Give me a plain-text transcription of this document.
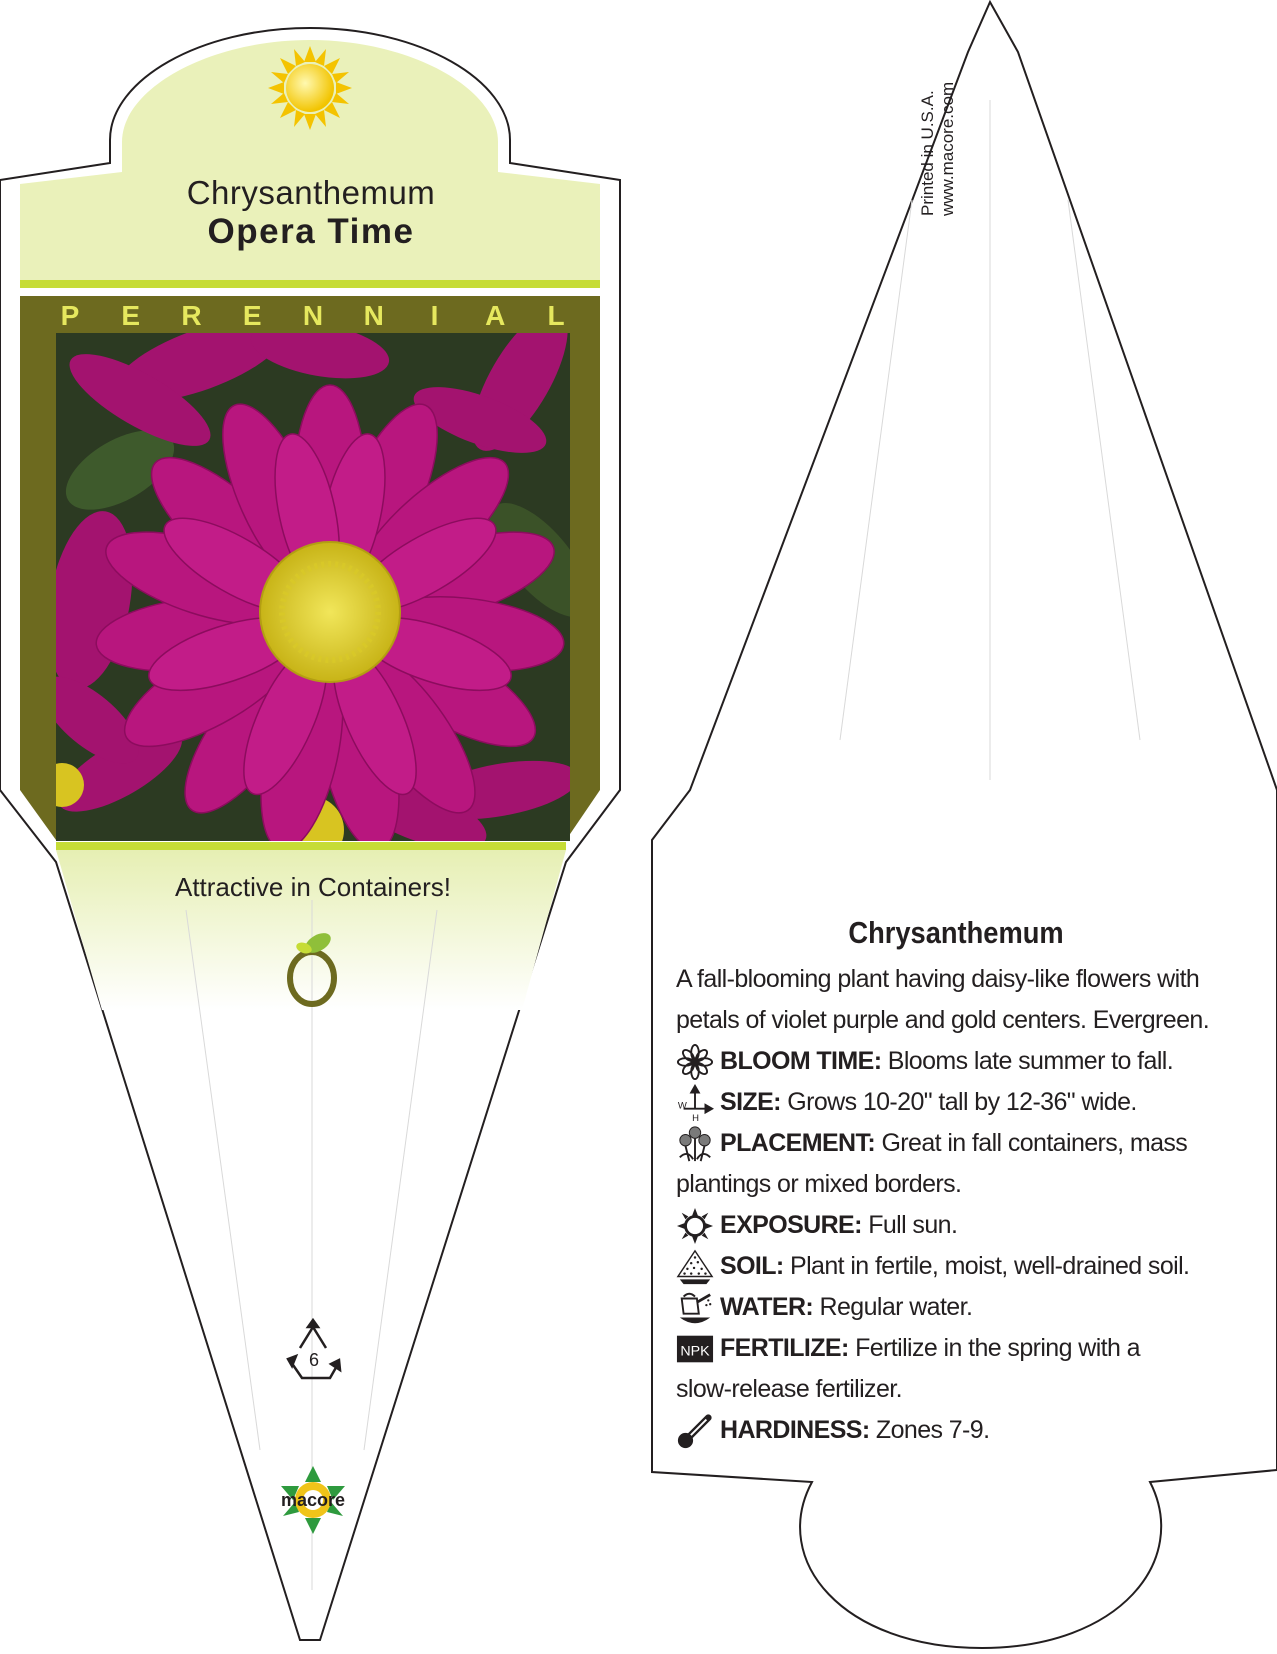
Chrysanthemum
Opera Time
P E R E N N I A L
Attractive in Containers!
6
macore
Printed in U.S.A. www.macore.com
Chrysanthemum

A fall-blooming plant having daisy-like flowers with petals of violet purple and gold centers. Evergreen.

BLOOM TIME: Blooms late summer to fall.

W
H

SIZE: Grows 10-20" tall by 12-36" wide.

PLACEMENT: Great in fall containers, mass

plantings or mixed borders.

EXPOSURE: Full sun.

SOIL: Plant in fertile, moist, well-drained soil.

WATER: Regular water.

NPK FERTILIZE: Fertilize in the spring with a

slow-release fertilizer.

HARDINESS: Zones 7-9.
